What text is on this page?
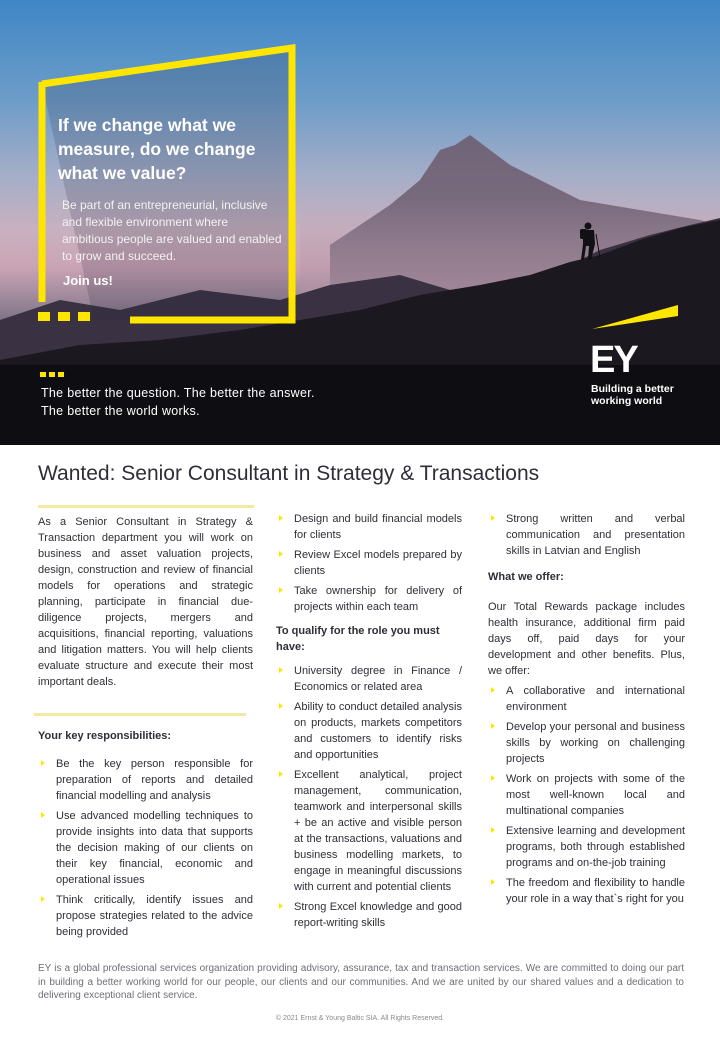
If we change what we measure, do we change what we value?
Be part of an entrepreneurial, inclusive and flexible environment where ambitious people are valued and enabled to grow and succeed.
Join us!
The better the question. The better the answer.
The better the world works.
EY
Building a better
working world
Wanted: Senior Consultant in Strategy & Transactions

As a Senior Consultant in Strategy & Transaction department you will work on business and asset valuation projects, design, construction and review of financial models for operations and strategic planning, participate in financial due-diligence projects, mergers and acquisitions, financial reporting, valuations and litigation matters. You will help clients evaluate structure and execute their most important deals.

Your key responsibilities:
Be the key person responsible for preparation of reports and detailed financial modelling and analysis
Use advanced modelling techniques to provide insights into data that supports the decision making of our clients on their key financial, economic and operational issues
Think critically, identify issues and propose strategies related to the advice being provided
Design and build financial models for clients
Review Excel models prepared by clients
Take ownership for delivery of projects within each team
To qualify for the role you must have:
University degree in Finance / Economics or related area
Ability to conduct detailed analysis on products, markets competitors and customers to identify risks and opportunities
Excellent analytical, project management, communication, teamwork and interpersonal skills + be an active and visible person at the transactions, valuations and business modelling markets, to engage in meaningful discussions with current and potential clients
Strong Excel knowledge and good report-writing skills
Strong written and verbal communication and presentation skills in Latvian and English
What we offer:

Our Total Rewards package includes health insurance, additional firm paid days off, paid days for your development and other benefits. Plus, we offer:

A collaborative and international environment
Develop your personal and business skills by working on challenging projects
Work on projects with some of the most well-known local and multinational companies
Extensive learning and development programs, both through established programs and on-the-job training
The freedom and flexibility to handle your role in a way that`s right for you
EY is a global professional services organization providing advisory, assurance, tax and transaction services. We are committed to doing our part in building a better working world for our people, our clients and our communities. And we are united by our shared values and a dedication to delivering exceptional client service.
© 2021 Ernst & Young Baltic SIA. All Rights Reserved.
